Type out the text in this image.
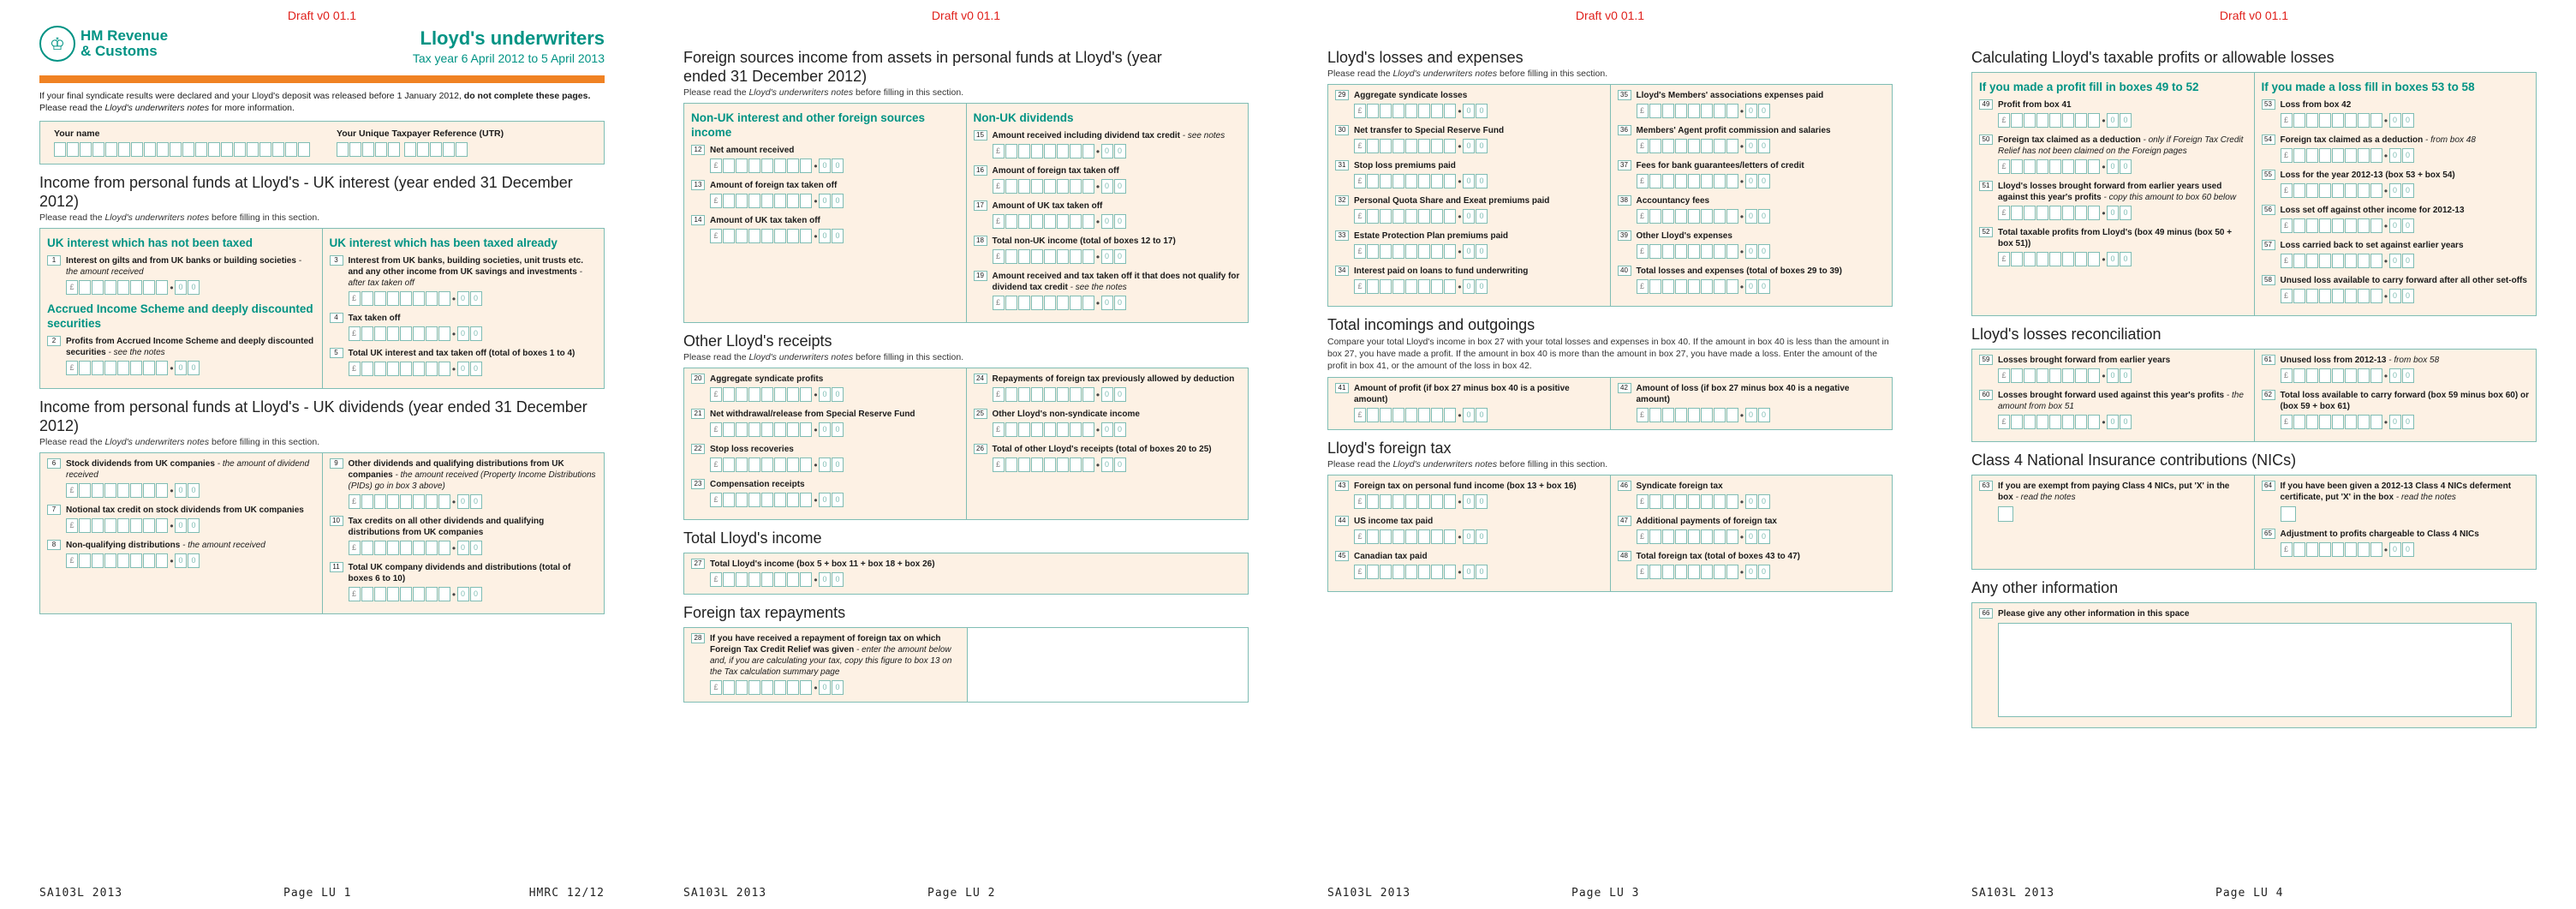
Draft v0 01.1
♔	HM Revenue
& Customs
Lloyd's underwriters
Tax year 6 April 2012 to 5 April 2013
If your final syndicate results were declared and your Lloyd's deposit was released before 1 January 2012, do not complete these pages. Please read the Lloyd's underwriters notes for more information.
Your name	Your Unique Taxpayer Reference (UTR)
Income from personal funds at Lloyd's - UK interest (year ended 31 December 2012)
Please read the Lloyd's underwriters notes before filling in this section.
UK interest which has not been taxed
1	Interest on gilts and from UK banks or building societies - the amount received
£	• 0	0
Accrued Income Scheme and deeply discounted securities
2	Profits from Accrued Income Scheme and deeply discounted securities - see the notes
£	• 0	0
UK interest which has been taxed already
3	Interest from UK banks, building societies, unit trusts etc. and any other income from UK savings and investments - after tax taken off
£	• 0	0
4	Tax taken off
£	• 0	0
5	Total UK interest and tax taken off (total of boxes 1 to 4)
£	• 0	0
Income from personal funds at Lloyd's - UK dividends (year ended 31 December 2012)
Please read the Lloyd's underwriters notes before filling in this section.
6	Stock dividends from UK companies - the amount of dividend received
£	• 0	0
7	Notional tax credit on stock dividends from UK companies
£	• 0	0
8	Non-qualifying distributions - the amount received
£	• 0	0
9	Other dividends and qualifying distributions from UK companies - the amount received (Property Income Distributions (PIDs) go in box 3 above)
£	• 0	0
10 Tax credits on all other dividends and qualifying distributions from UK companies
£	• 0	0
11 Total UK company dividends and distributions (total of boxes 6 to 10)
£	• 0	0
SA103L 2013	Page LU 1	HMRC 12/12
Draft v0 01.1
Foreign sources income from assets in personal funds at Lloyd's (year ended 31 December 2012)
Please read the Lloyd's underwriters notes before filling in this section.
Non-UK interest and other foreign sources income
12 Net amount received
£	• 0	0
13 Amount of foreign tax taken off
£	• 0	0
14 Amount of UK tax taken off
£	• 0	0
Non-UK dividends
15 Amount received including dividend tax credit - see notes
£	• 0	0
16 Amount of foreign tax taken off
£	• 0	0
17 Amount of UK tax taken off
£	• 0	0
18 Total non-UK income (total of boxes 12 to 17)
£	• 0	0
19 Amount received and tax taken off it that does not qualify for dividend tax credit - see the notes
£	• 0	0
Other Lloyd's receipts
Please read the Lloyd's underwriters notes before filling in this section.
20 Aggregate syndicate profits
£	• 0	0
21 Net withdrawal/release from Special Reserve Fund
£	• 0	0
22 Stop loss recoveries
£	• 0	0
23 Compensation receipts
£	• 0	0
24 Repayments of foreign tax previously allowed by deduction
£	• 0	0
25 Other Lloyd's non-syndicate income
£	• 0	0
26 Total of other Lloyd's receipts (total of boxes 20 to 25)
£	• 0	0
Total Lloyd's income
27 Total Lloyd's income (box 5 + box 11 + box 18 + box 26)
£	• 0	0
Foreign tax repayments
28 If you have received a repayment of foreign tax on which Foreign Tax Credit Relief was given - enter the amount below and, if you are calculating your tax, copy this figure to box 13 on the Tax calculation summary page
£	• 0	0
SA103L 2013	Page LU 2
Draft v0 01.1
Lloyd's losses and expenses
Please read the Lloyd's underwriters notes before filling in this section.
29 Aggregate syndicate losses
£	• 0	0
30 Net transfer to Special Reserve Fund
£	• 0	0
31 Stop loss premiums paid
£	• 0	0
32 Personal Quota Share and Exeat premiums paid
£	• 0	0
33 Estate Protection Plan premiums paid
£	• 0	0
34 Interest paid on loans to fund underwriting
£	• 0	0
35 Lloyd's Members' associations expenses paid
£	• 0	0
36 Members' Agent profit commission and salaries
£	• 0	0
37 Fees for bank guarantees/letters of credit
£	• 0	0
38 Accountancy fees
£	• 0	0
39 Other Lloyd's expenses
£	• 0	0
40 Total losses and expenses (total of boxes 29 to 39)
£	• 0	0
Total incomings and outgoings
Compare your total Lloyd's income in box 27 with your total losses and expenses in box 40. If the amount in box 40 is less than the amount in box 27, you have made a profit. If the amount in box 40 is more than the amount in box 27, you have made a loss. Enter the amount of the profit in box 41, or the amount of the loss in box 42.
41 Amount of profit (if box 27 minus box 40 is a positive amount)
£	• 0	0
42 Amount of loss (if box 27 minus box 40 is a negative amount)
£	• 0	0
Lloyd's foreign tax
Please read the Lloyd's underwriters notes before filling in this section.
43 Foreign tax on personal fund income (box 13 + box 16)
£	• 0	0
44 US income tax paid
£	• 0	0
45 Canadian tax paid
£	• 0	0
46 Syndicate foreign tax
£	• 0	0
47 Additional payments of foreign tax
£	• 0	0
48 Total foreign tax (total of boxes 43 to 47)
£	• 0	0
SA103L 2013	Page LU 3
Draft v0 01.1
Calculating Lloyd's taxable profits or allowable losses
If you made a profit fill in boxes 49 to 52
49 Profit from box 41
£	• 0	0
50 Foreign tax claimed as a deduction - only if Foreign Tax Credit Relief has not been claimed on the Foreign pages
£	• 0	0
51 Lloyd's losses brought forward from earlier years used against this year's profits - copy this amount to box 60 below
£	• 0	0
52 Total taxable profits from Lloyd's (box 49 minus (box 50 + box 51))
£	• 0	0
If you made a loss fill in boxes 53 to 58
53 Loss from box 42
£	• 0	0
54 Foreign tax claimed as a deduction - from box 48
£	• 0	0
55 Loss for the year 2012-13 (box 53 + box 54)
£	• 0	0
56 Loss set off against other income for 2012-13
£	• 0	0
57 Loss carried back to set against earlier years
£	• 0	0
58 Unused loss available to carry forward after all other set-offs
£	• 0	0
Lloyd's losses reconciliation
59 Losses brought forward from earlier years
£	• 0	0
60 Losses brought forward used against this year's profits - the amount from box 51
£	• 0	0
61 Unused loss from 2012-13 - from box 58
£	• 0	0
62 Total loss available to carry forward (box 59 minus box 60) or (box 59 + box 61)
£	• 0	0
Class 4 National Insurance contributions (NICs)
63 If you are exempt from paying Class 4 NICs, put 'X' in the box - read the notes
64 If you have been given a 2012-13 Class 4 NICs deferment certificate, put 'X' in the box - read the notes
65 Adjustment to profits chargeable to Class 4 NICs
£	• 0	0
Any other information
66 Please give any other information in this space
SA103L 2013	Page LU 4
